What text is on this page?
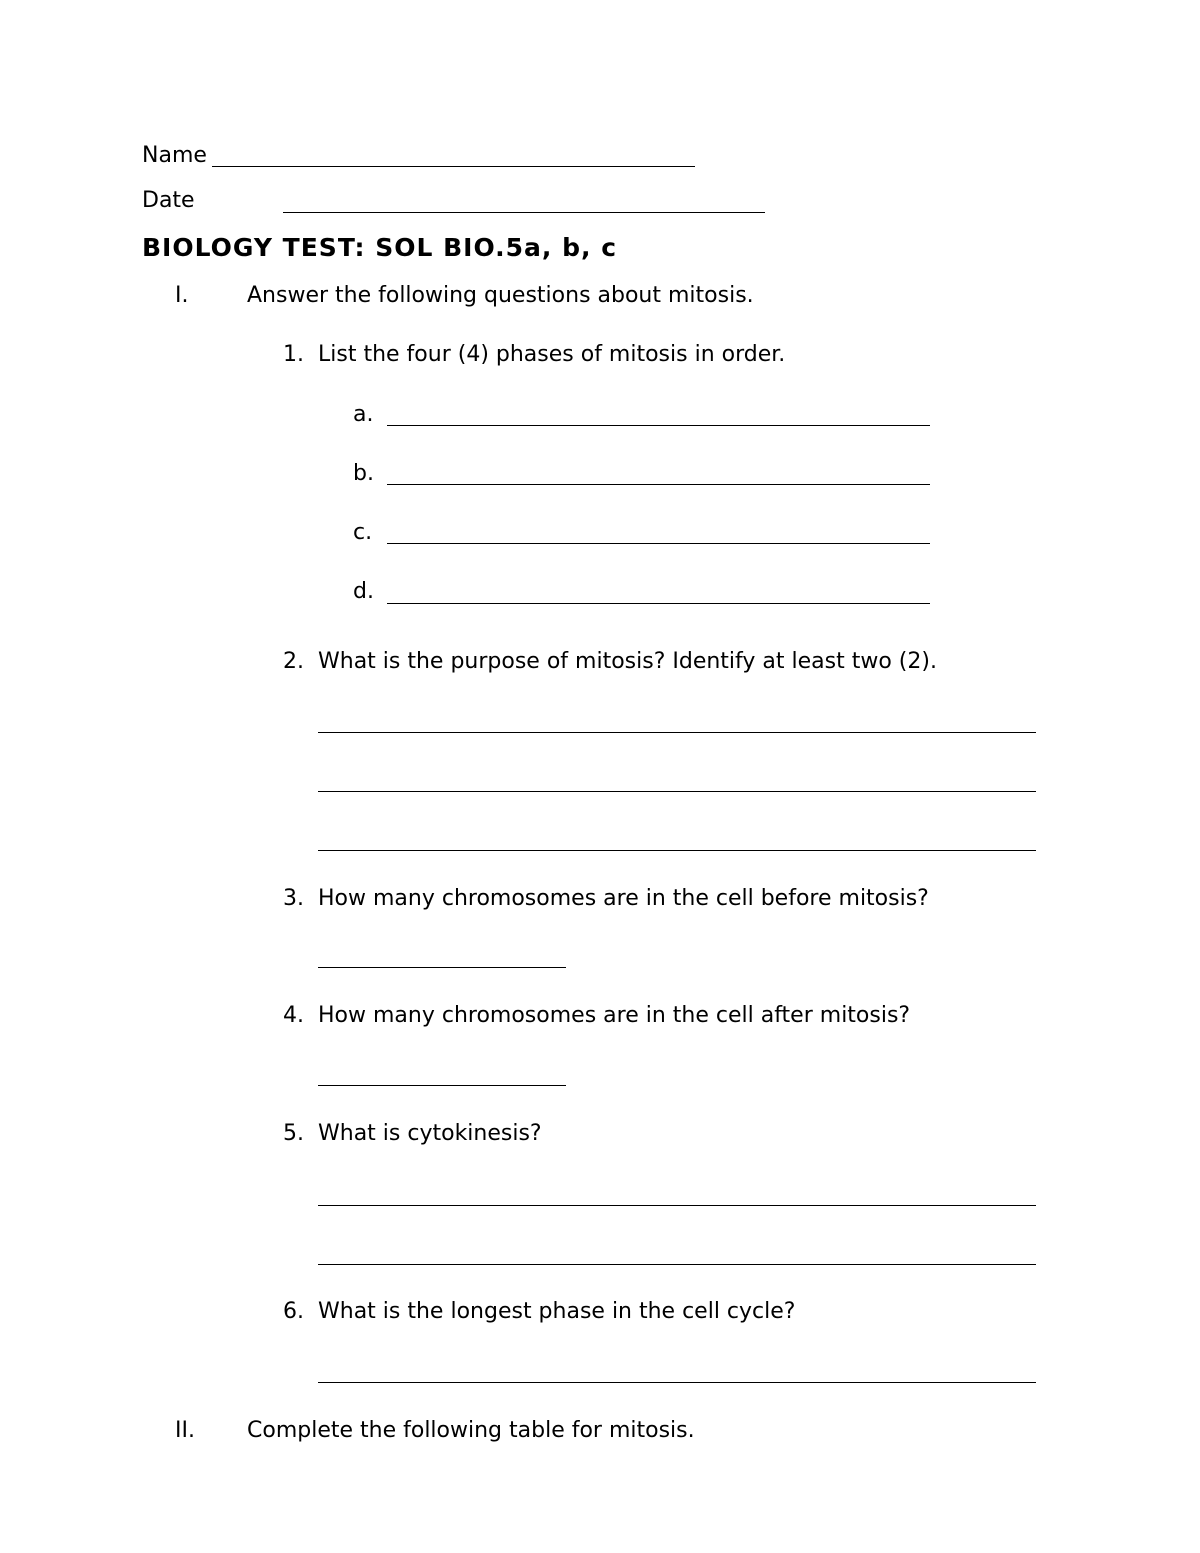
Name
Date
BIOLOGY TEST: SOL BIO.5a, b, c
I.	Answer the following questions about mitosis.
1. List the four (4) phases of mitosis in order.
a.
b.
c.
d.
2. What is the purpose of mitosis? Identify at least two (2).
3. How many chromosomes are in the cell before mitosis?
4. How many chromosomes are in the cell after mitosis?
5. What is cytokinesis?
6. What is the longest phase in the cell cycle?
II. Complete the following table for mitosis.
